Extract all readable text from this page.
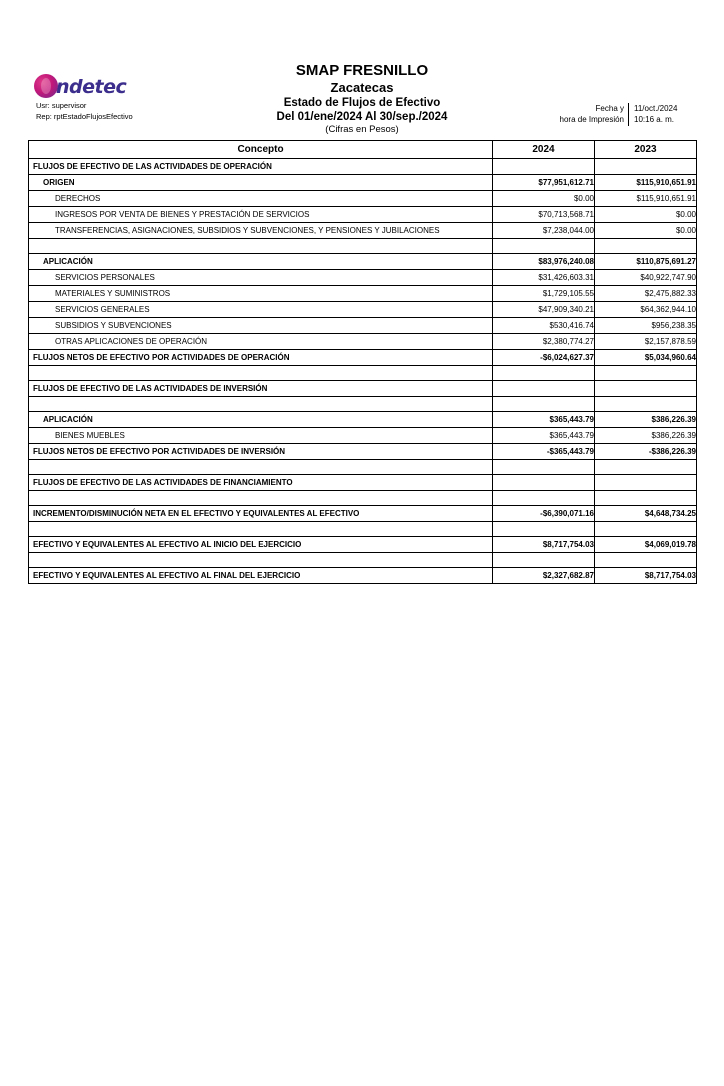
ndetec
SMAP FRESNILLO
Zacatecas
Estado de Flujos de Efectivo
Del 01/ene/2024 Al 30/sep./2024
(Cifras en Pesos)
Usr: supervisor
Rep: rptEstadoFlujosEfectivo
Fecha y	11/oct./2024
hora de Impresión	10:16 a. m.
Concepto	2024	2023
FLUJOS DE EFECTIVO DE LAS ACTIVIDADES DE OPERACIÓN		
ORIGEN	$77,951,612.71	$115,910,651.91
DERECHOS	$0.00	$115,910,651.91
INGRESOS POR VENTA DE BIENES Y PRESTACIÓN DE SERVICIOS	$70,713,568.71	$0.00
TRANSFERENCIAS, ASIGNACIONES, SUBSIDIOS Y SUBVENCIONES, Y PENSIONES Y JUBILACIONES	$7,238,044.00	$0.00

APLICACIÓN	$83,976,240.08	$110,875,691.27
SERVICIOS PERSONALES	$31,426,603.31	$40,922,747.90
MATERIALES Y SUMINISTROS	$1,729,105.55	$2,475,882.33
SERVICIOS GENERALES	$47,909,340.21	$64,362,944.10
SUBSIDIOS Y SUBVENCIONES	$530,416.74	$956,238.35
OTRAS APLICACIONES DE OPERACIÓN	$2,380,774.27	$2,157,878.59
FLUJOS NETOS DE EFECTIVO POR ACTIVIDADES DE OPERACIÓN	-$6,024,627.37	$5,034,960.64

FLUJOS DE EFECTIVO DE LAS ACTIVIDADES DE INVERSIÓN		

APLICACIÓN	$365,443.79	$386,226.39
BIENES MUEBLES	$365,443.79	$386,226.39
FLUJOS NETOS DE EFECTIVO POR ACTIVIDADES DE INVERSIÓN	-$365,443.79	-$386,226.39

FLUJOS DE EFECTIVO DE LAS ACTIVIDADES DE FINANCIAMIENTO		

INCREMENTO/DISMINUCIÓN NETA EN EL EFECTIVO Y EQUIVALENTES AL EFECTIVO	-$6,390,071.16	$4,648,734.25

EFECTIVO Y EQUIVALENTES AL EFECTIVO AL INICIO DEL EJERCICIO	$8,717,754.03	$4,069,019.78

EFECTIVO Y EQUIVALENTES AL EFECTIVO AL FINAL DEL EJERCICIO	$2,327,682.87	$8,717,754.03
